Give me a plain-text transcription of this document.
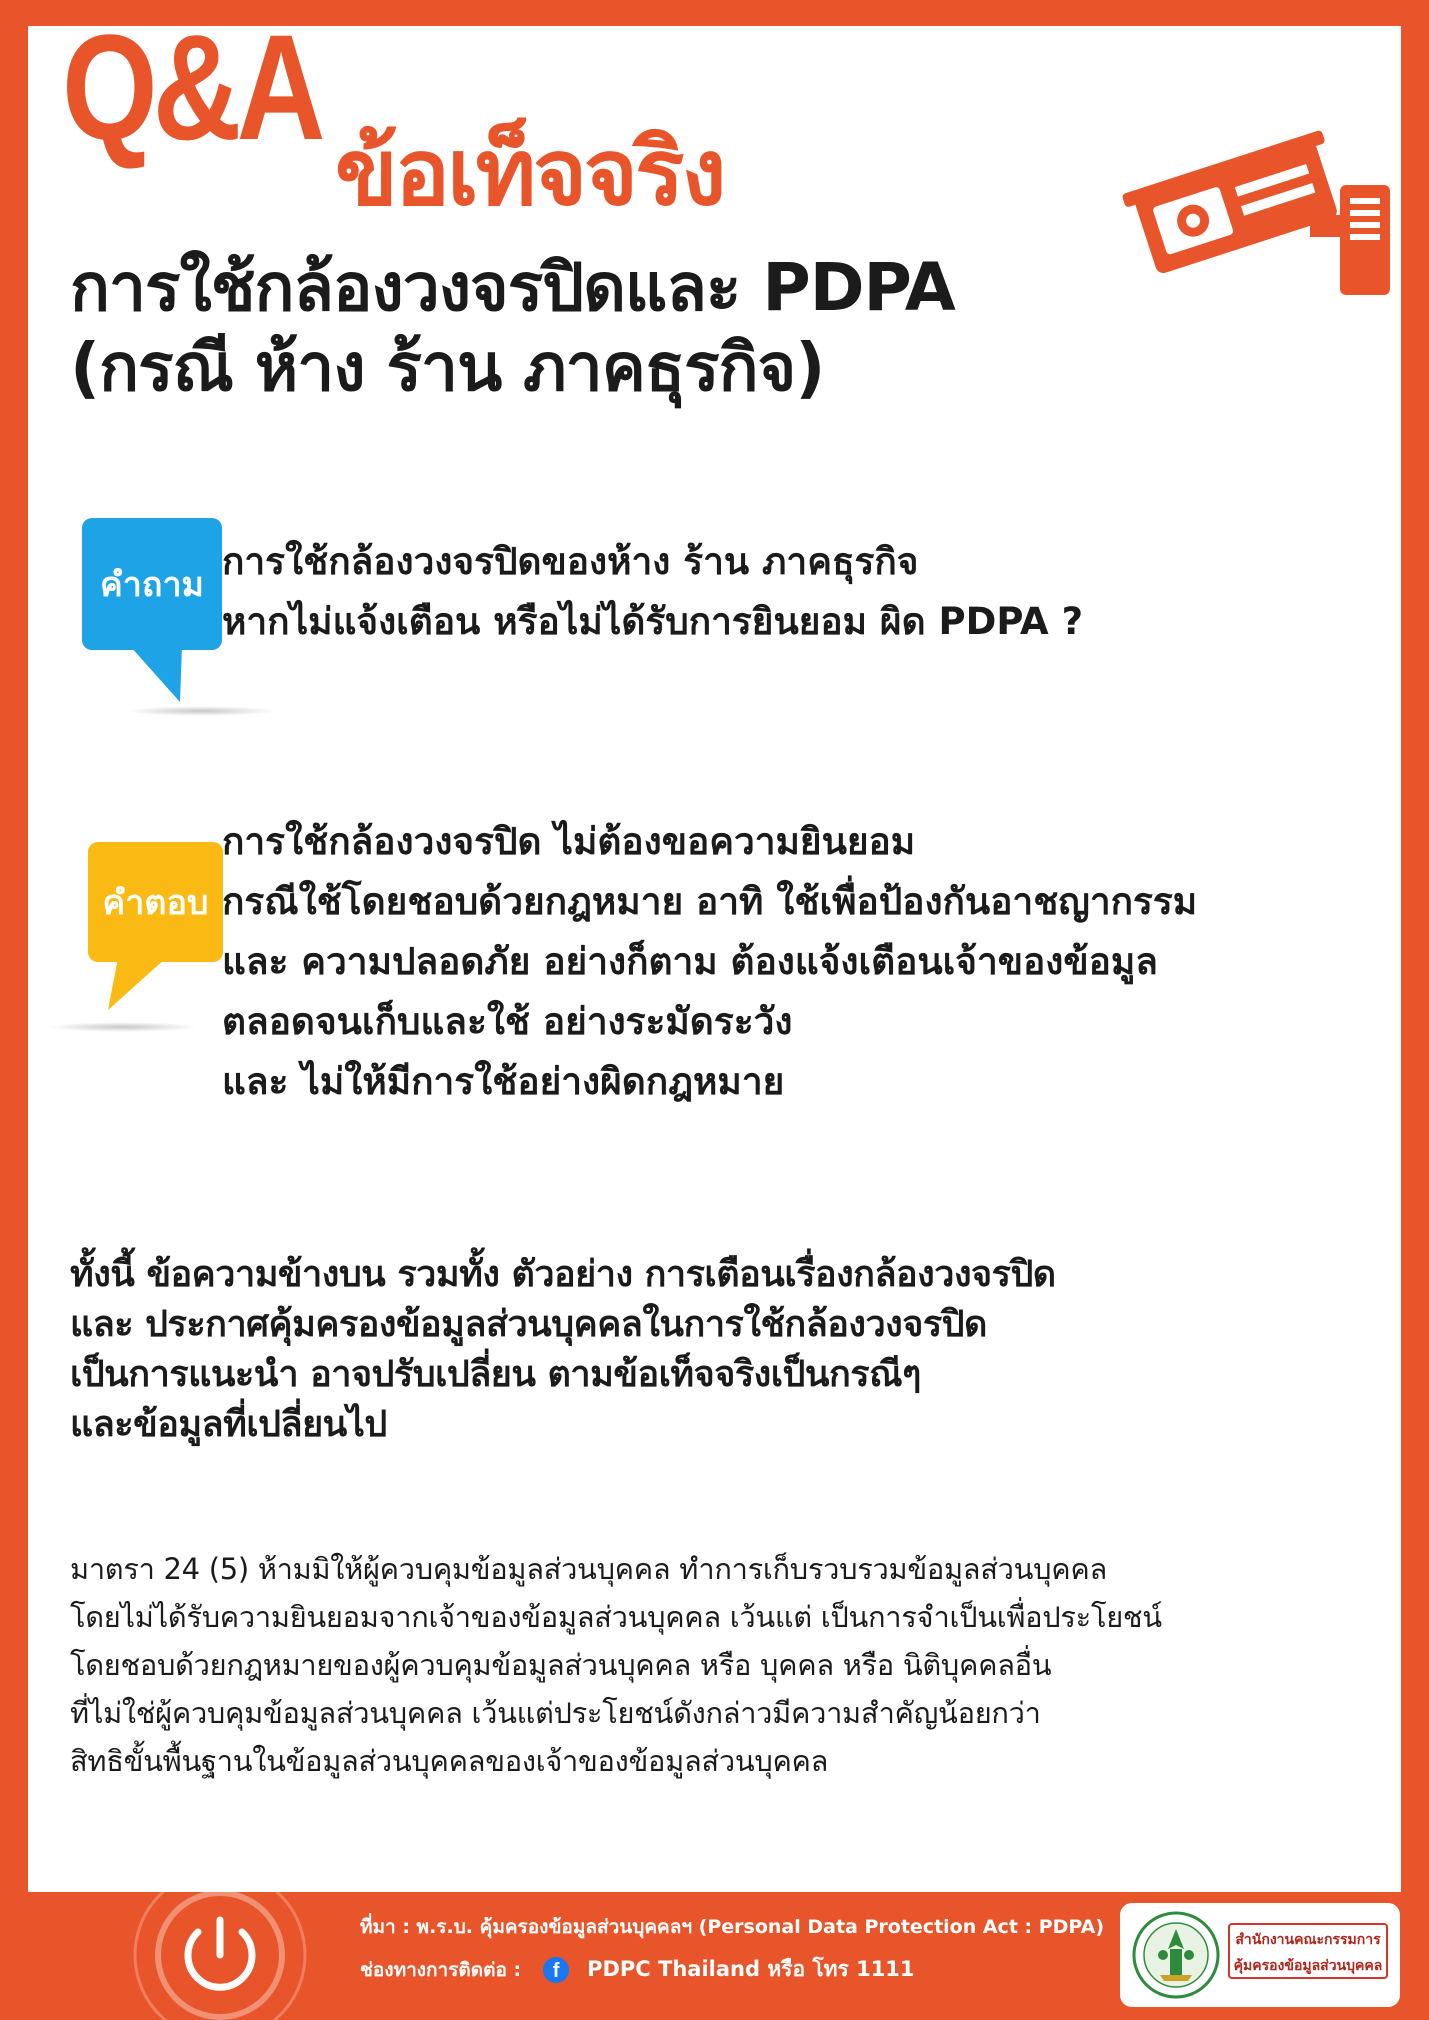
Q&A
ข้อเท็จจริง
การใช้กล้องวงจรปิดและ PDPA
(กรณี ห้าง ร้าน ภาคธุรกิจ)
คำถาม
การใช้กล้องวงจรปิดของห้าง ร้าน ภาคธุรกิจ
หากไม่แจ้งเตือน หรือไม่ได้รับการยินยอม ผิด PDPA ?
คำตอบ
การใช้กล้องวงจรปิด ไม่ต้องขอความยินยอม
กรณีใช้โดยชอบด้วยกฎหมาย อาทิ ใช้เพื่อป้องกันอาชญากรรม
และ ความปลอดภัย อย่างก็ตาม ต้องแจ้งเตือนเจ้าของข้อมูล
ตลอดจนเก็บและใช้ อย่างระมัดระวัง
และ ไม่ให้มีการใช้อย่างผิดกฎหมาย
ทั้งนี้ ข้อความข้างบน รวมทั้ง ตัวอย่าง การเตือนเรื่องกล้องวงจรปิด
และ ประกาศคุ้มครองข้อมูลส่วนบุคคลในการใช้กล้องวงจรปิด
เป็นการแนะนำ อาจปรับเปลี่ยน ตามข้อเท็จจริงเป็นกรณีๆ
และข้อมูลที่เปลี่ยนไป
มาตรา 24 (5) ห้ามมิให้ผู้ควบคุมข้อมูลส่วนบุคคล ทำการเก็บรวบรวมข้อมูลส่วนบุคคล
โดยไม่ได้รับความยินยอมจากเจ้าของข้อมูลส่วนบุคคล เว้นแต่ เป็นการจำเป็นเพื่อประโยชน์
โดยชอบด้วยกฎหมายของผู้ควบคุมข้อมูลส่วนบุคคล หรือ บุคคล หรือ นิติบุคคลอื่น
ที่ไม่ใช่ผู้ควบคุมข้อมูลส่วนบุคคล เว้นแต่ประโยชน์ดังกล่าวมีความสำคัญน้อยกว่า
สิทธิขั้นพื้นฐานในข้อมูลส่วนบุคคลของเจ้าของข้อมูลส่วนบุคคล
ที่มา : พ.ร.บ. คุ้มครองข้อมูลส่วนบุคคลฯ (Personal Data Protection Act : PDPA)
ช่องทางการติดต่อ :	f	PDPC Thailand หรือ โทร 1111
สำนักงานคณะกรรมการ
คุ้มครองข้อมูลส่วนบุคคล
